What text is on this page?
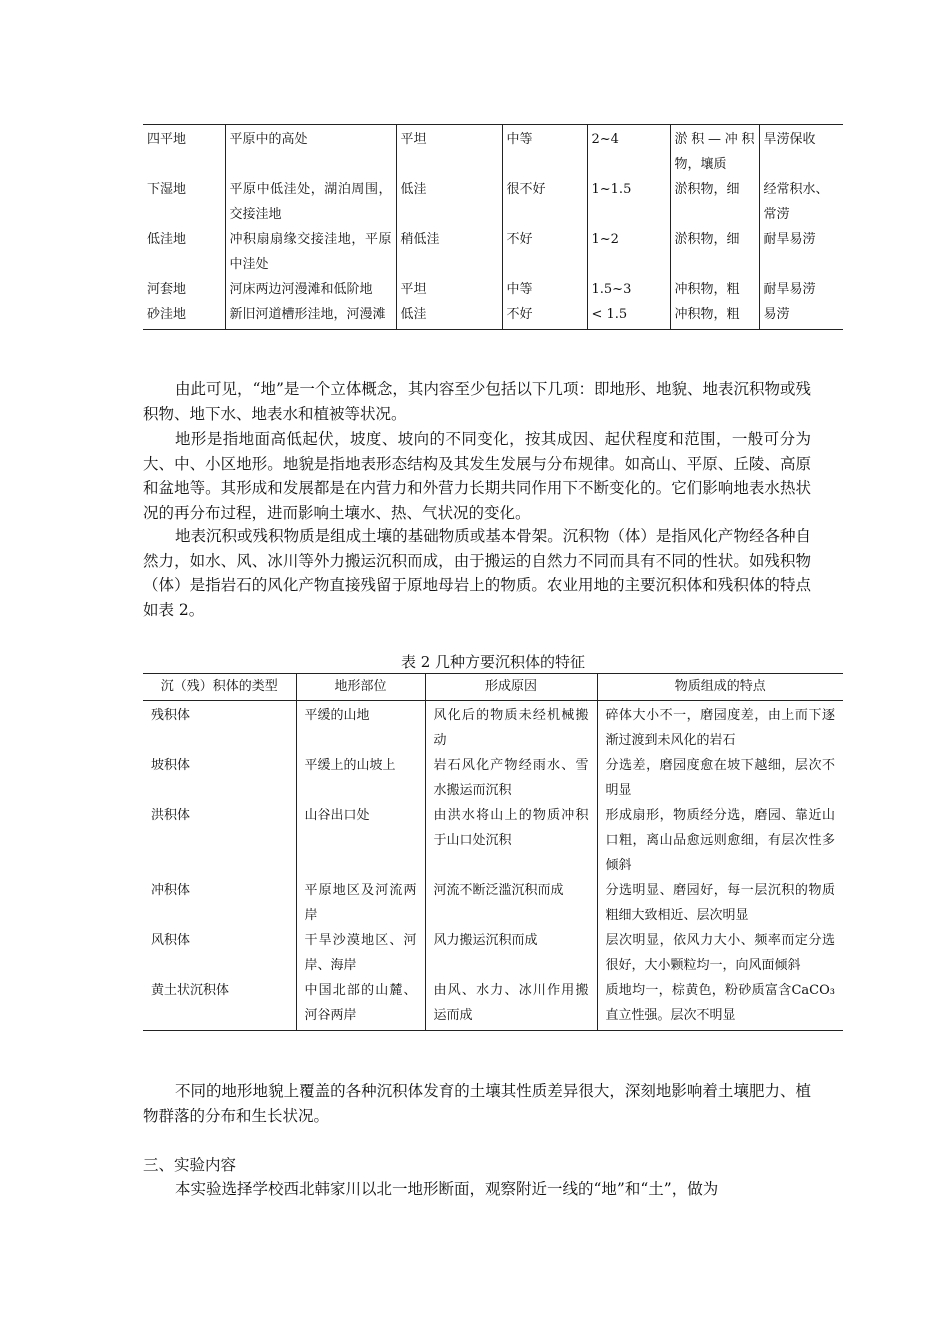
四平地	平原中的高处	平坦	中等	2~4	淤积—冲积物，壤质	旱涝保收
下湿地	平原中低洼处，湖泊周围，交接洼地	低洼	很不好	1~1.5	淤积物，细	经常积水、常涝
低洼地	冲积扇扇缘交接洼地，平原中洼处	稍低洼	不好	1~2	淤积物，细	耐旱易涝
河套地	河床两边河漫滩和低阶地	平坦	中等	1.5~3	冲积物，粗	耐旱易涝
砂洼地	新旧河道槽形洼地，河漫滩	低洼	不好	< 1.5	冲积物，粗	易涝

由此可见，“地”是一个立体概念，其内容至少包括以下几项：即地形、地貌、地表沉积物或残积物、地下水、地表水和植被等状况。

地形是指地面高低起伏，坡度、坡向的不同变化，按其成因、起伏程度和范围，一般可分为大、中、小区地形。地貌是指地表形态结构及其发生发展与分布规律。如高山、平原、丘陵、高原和盆地等。其形成和发展都是在内营力和外营力长期共同作用下不断变化的。它们影响地表水热状况的再分布过程，进而影响土壤水、热、气状况的变化。

地表沉积或残积物质是组成土壤的基础物质或基本骨架。沉积物（体）是指风化产物经各种自然力，如水、风、冰川等外力搬运沉积而成，由于搬运的自然力不同而具有不同的性状。如残积物（体）是指岩石的风化产物直接残留于原地母岩上的物质。农业用地的主要沉积体和残积体的特点如表 2。

表 2 几种方要沉积体的特征
沉（残）积体的类型	地形部位	形成原因	物质组成的特点
残积体	平缓的山地	风化后的物质未经机械搬动	碎体大小不一，磨园度差，由上而下逐渐过渡到未风化的岩石
坡积体	平缓上的山坡上	岩石风化产物经雨水、雪水搬运而沉积	分选差，磨园度愈在坡下越细，层次不明显
洪积体	山谷出口处	由洪水将山上的物质冲积于山口处沉积	形成扇形，物质经分选，磨园、靠近山口粗，离山品愈远则愈细，有层次性多倾斜
冲积体	平原地区及河流两岸	河流不断泛滥沉积而成	分选明显、磨园好，每一层沉积的物质粗细大致相近、层次明显
风积体	干旱沙漠地区、河岸、海岸	风力搬运沉积而成	层次明显，依风力大小、频率而定分选很好，大小颗粒均一，向风面倾斜
黄土状沉积体	中国北部的山麓、河谷两岸	由风、水力、冰川作用搬运而成	质地均一，棕黄色，粉砂质富含CaCO₃直立性强。层次不明显

不同的地形地貌上覆盖的各种沉积体发育的土壤其性质差异很大，深刻地影响着土壤肥力、植物群落的分布和生长状况。

三、实验内容

本实验选择学校西北韩家川以北一地形断面，观察附近一线的“地”和“土”，做为
